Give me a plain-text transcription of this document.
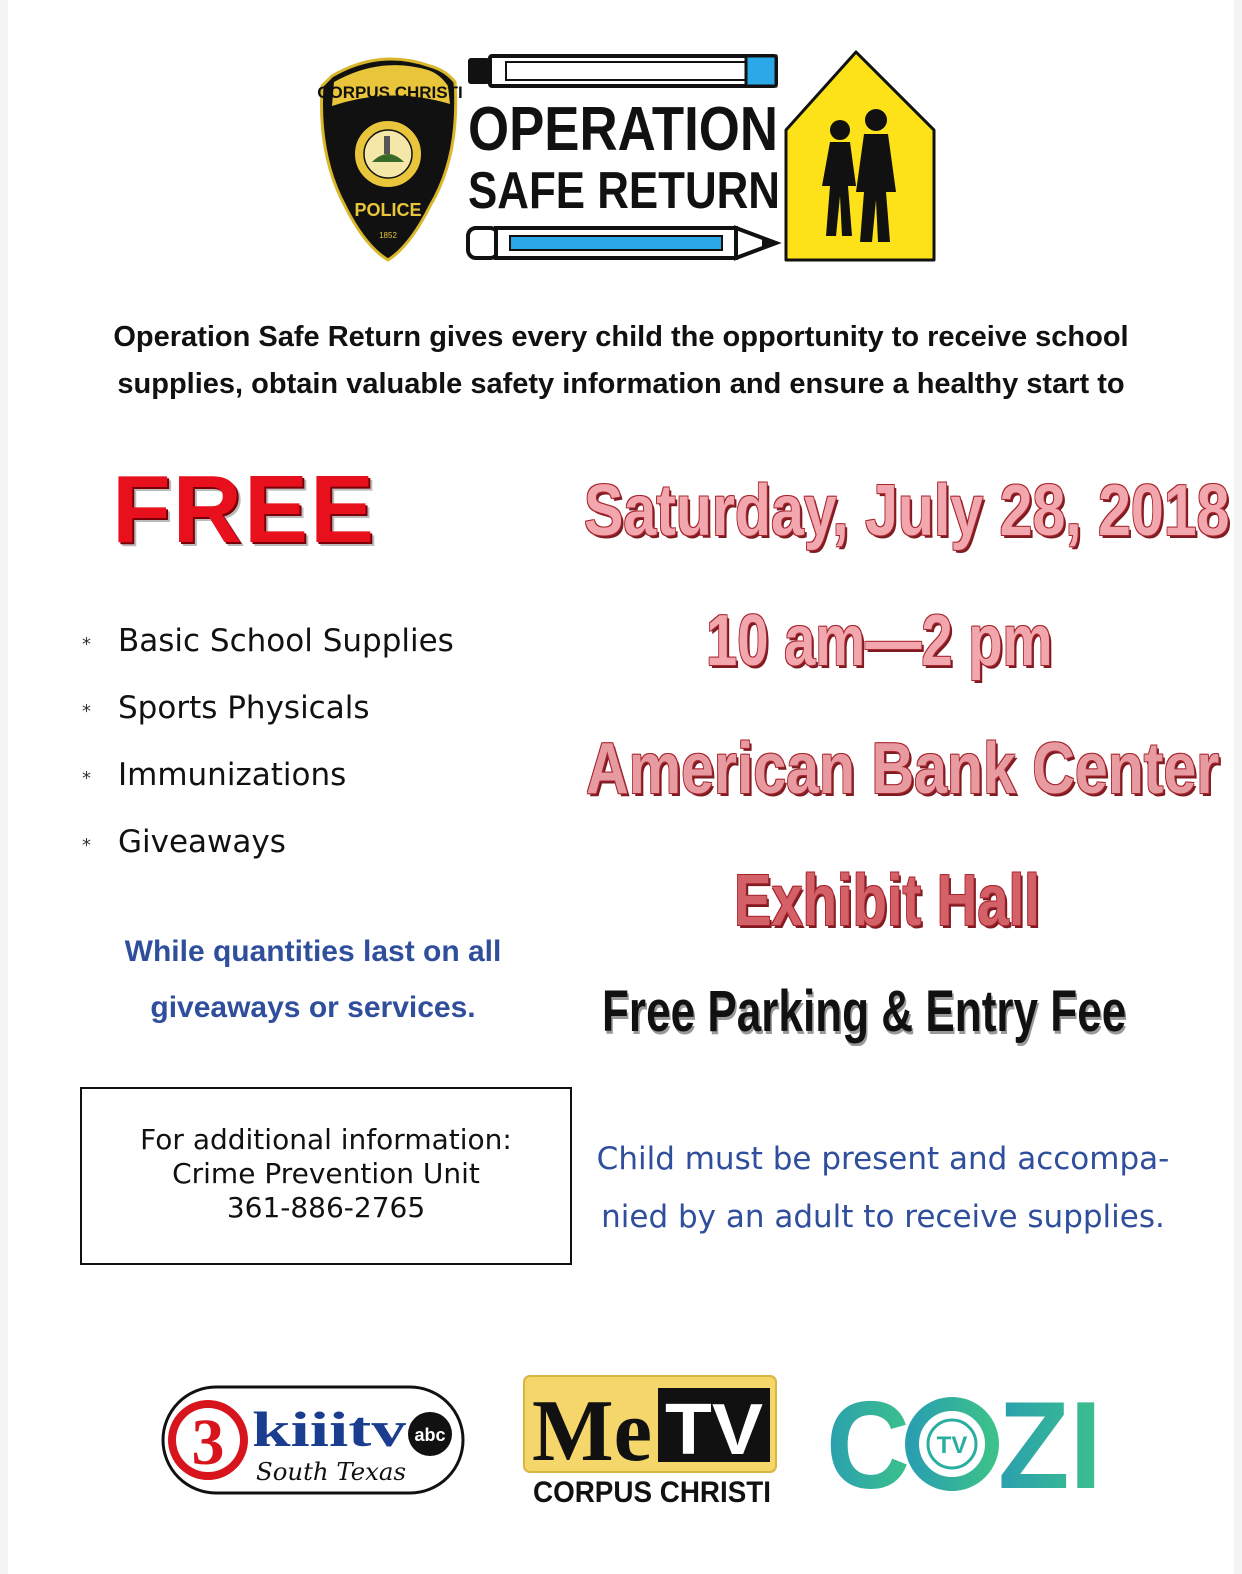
CORPUS CHRISTI
POLICE
1852
OPERATION
SAFE RETURN

Operation Safe Return gives every child the opportunity to receive school
supplies, obtain valuable safety information and ensure a healthy start to

FREE
* Basic School Supplies
* Sports Physicals
* Immunizations
* Giveaways

While quantities last on all
giveaways or services.

For additional information:
Crime Prevention Unit
361-886-2765
Saturday, July 28, 2018
10 am—2 pm
American Bank Center
Exhibit Hall
Free Parking & Entry Fee

Child must be present and accompa-
nied by an adult to receive supplies.

3 kiiitv abc
South Texas Me TV
CORPUS CHRISTI C TV ZI
